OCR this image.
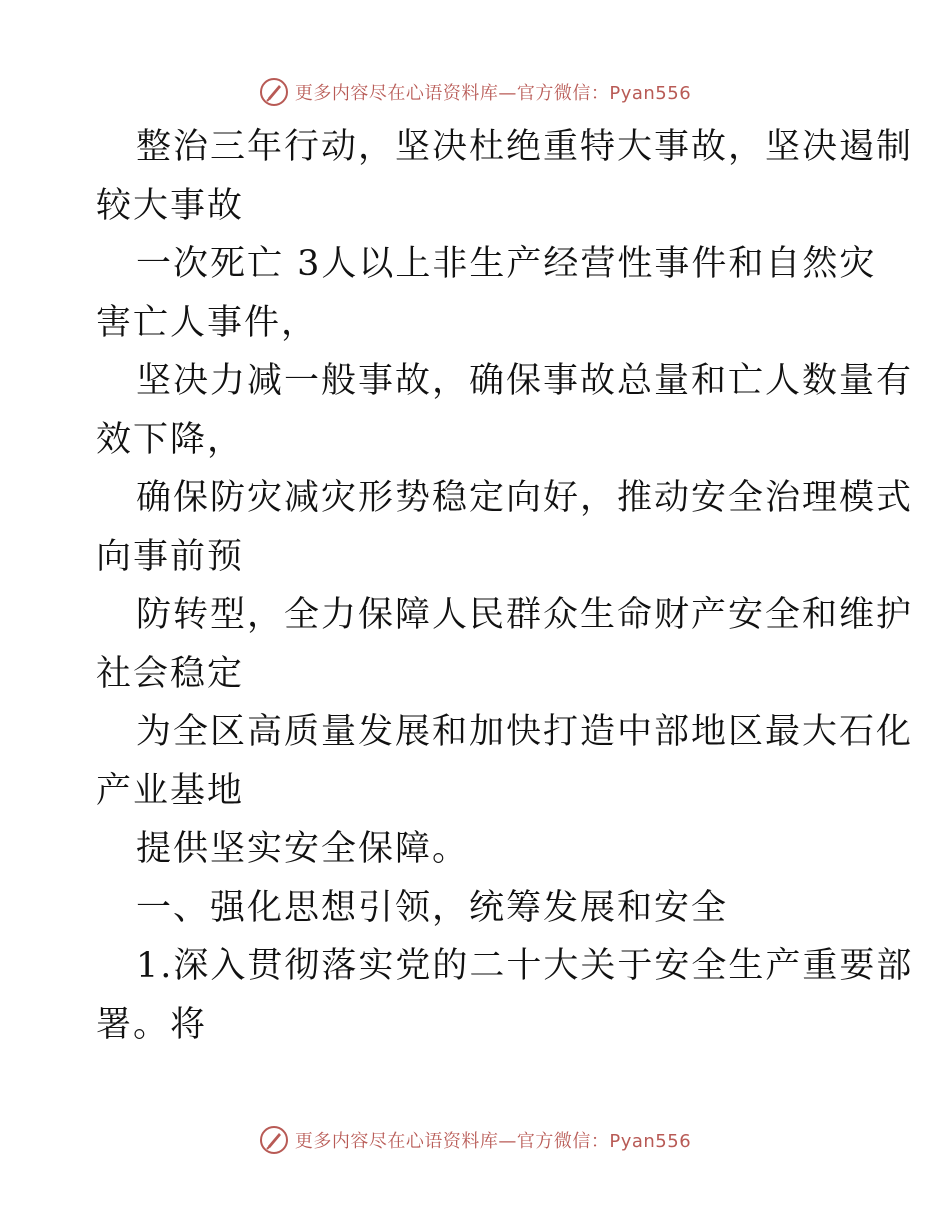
更多内容尽在心语资料库—官方微信：Pyan556
整治三年行动，坚决杜绝重特大事故，坚决遏制
较大事故
一次死亡 3人以上非生产经营性事件和自然灾
害亡人事件，
坚决力减一般事故，确保事故总量和亡人数量有
效下降，
确保防灾减灾形势稳定向好，推动安全治理模式
向事前预
防转型，全力保障人民群众生命财产安全和维护
社会稳定
为全区高质量发展和加快打造中部地区最大石化
产业基地
提供坚实安全保障。
一、强化思想引领，统筹发展和安全
1.深入贯彻落实党的二十大关于安全生产重要部
署。将
更多内容尽在心语资料库—官方微信：Pyan556
